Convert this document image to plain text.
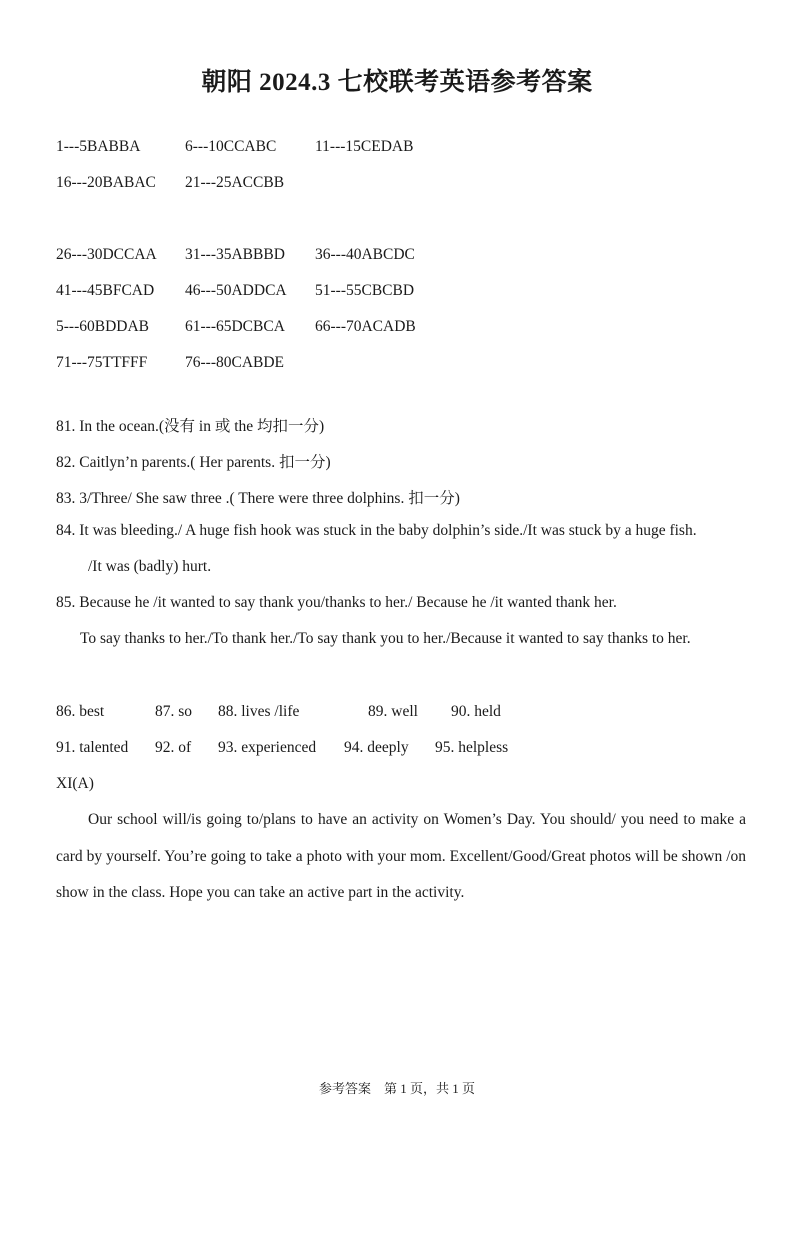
朝阳 2024.3 七校联考英语参考答案
1---5BABBA	6---10CCABC 11---15CEDAB
16---20BABAC 21---25ACCBB
26---30DCCAA 31---35ABBBD 36---40ABCDC
41---45BFCAD 46---50ADDCA 51---55CBCBD
5---60BDDAB 61---65DCBCA 66---70ACADB
71---75TTFFF 76---80CABDE
81. In the ocean.(没有 in 或 the 均扣一分)
82. Caitlyn’n parents.( Her parents. 扣一分)
83. 3/Three/ She saw three .( There were three dolphins. 扣一分)
84. It was bleeding./ A huge fish hook was stuck in the baby dolphin’s side./It was stuck by a huge fish.
/It was (badly) hurt.
85. Because he /it wanted to say thank you/thanks to her./ Because he /it wanted thank her.
To say thanks to her./To thank her./To say thank you to her./Because it wanted to say thanks to her.
86. best	87. so 88. lives /life	89. well 90. held
91. talented 92. of 93. experienced 94. deeply 95. helpless
XI(A)
Our school will/is going to/plans to have an activity on Women’s Day. You should/ you need to make a card by yourself. You’re going to take a photo with your mom. Excellent/Good/Great photos will be shown /on show in the class. Hope you can take an active part in the activity.
参考答案　第 1 页，共 1 页
